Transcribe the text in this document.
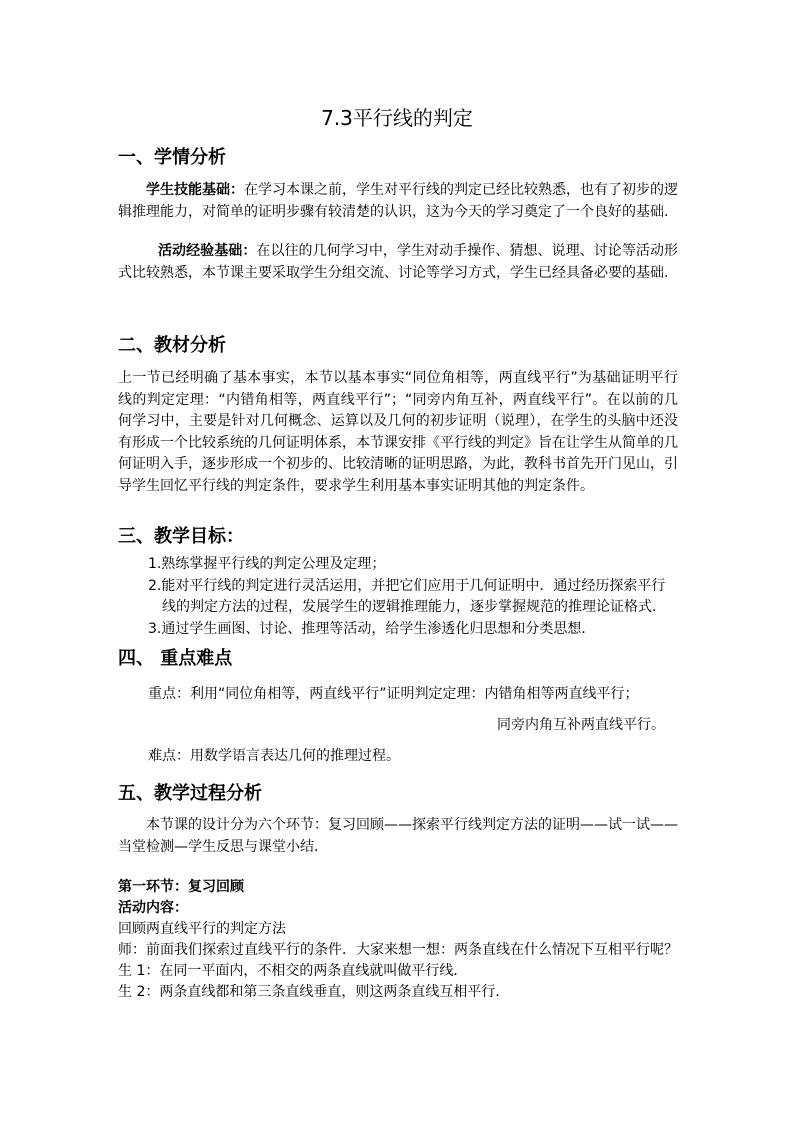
7.3平行线的判定
一、学情分析
学生技能基础：在学习本课之前，学生对平行线的判定已经比较熟悉，也有了初步的逻辑推理能力，对简单的证明步骤有较清楚的认识，这为今天的学习奠定了一个良好的基础.
活动经验基础：在以往的几何学习中，学生对动手操作、猜想、说理、讨论等活动形式比较熟悉，本节课主要采取学生分组交流、讨论等学习方式，学生已经具备必要的基础.
二、教材分析
上一节已经明确了基本事实，本节以基本事实“同位角相等，两直线平行”为基础证明平行线的判定定理：“内错角相等，两直线平行”；“同旁内角互补，两直线平行”。在以前的几何学习中，主要是针对几何概念、运算以及几何的初步证明（说理），在学生的头脑中还没有形成一个比较系统的几何证明体系，本节课安排《平行线的判定》旨在让学生从简单的几何证明入手，逐步形成一个初步的、比较清晰的证明思路，为此，教科书首先开门见山，引导学生回忆平行线的判定条件，要求学生利用基本事实证明其他的判定条件。
三、教学目标：
1.熟练掌握平行线的判定公理及定理；
2.能对平行线的判定进行灵活运用，并把它们应用于几何证明中．通过经历探索平行线的判定方法的过程，发展学生的逻辑推理能力，逐步掌握规范的推理论证格式．
3.通过学生画图、讨论、推理等活动，给学生渗透化归思想和分类思想．
四、 重点难点
重点：利用“同位角相等，两直线平行”证明判定定理：内错角相等两直线平行；
同旁内角互补两直线平行。
难点：用数学语言表达几何的推理过程。
五、教学过程分析
本节课的设计分为六个环节：复习回顾——探索平行线判定方法的证明——试一试——当堂检测—学生反思与课堂小结．
第一环节：复习回顾
活动内容：
回顾两直线平行的判定方法
师：前面我们探索过直线平行的条件．大家来想一想：两条直线在什么情况下互相平行呢？
生 1：在同一平面内，不相交的两条直线就叫做平行线．
生 2：两条直线都和第三条直线垂直，则这两条直线互相平行．
